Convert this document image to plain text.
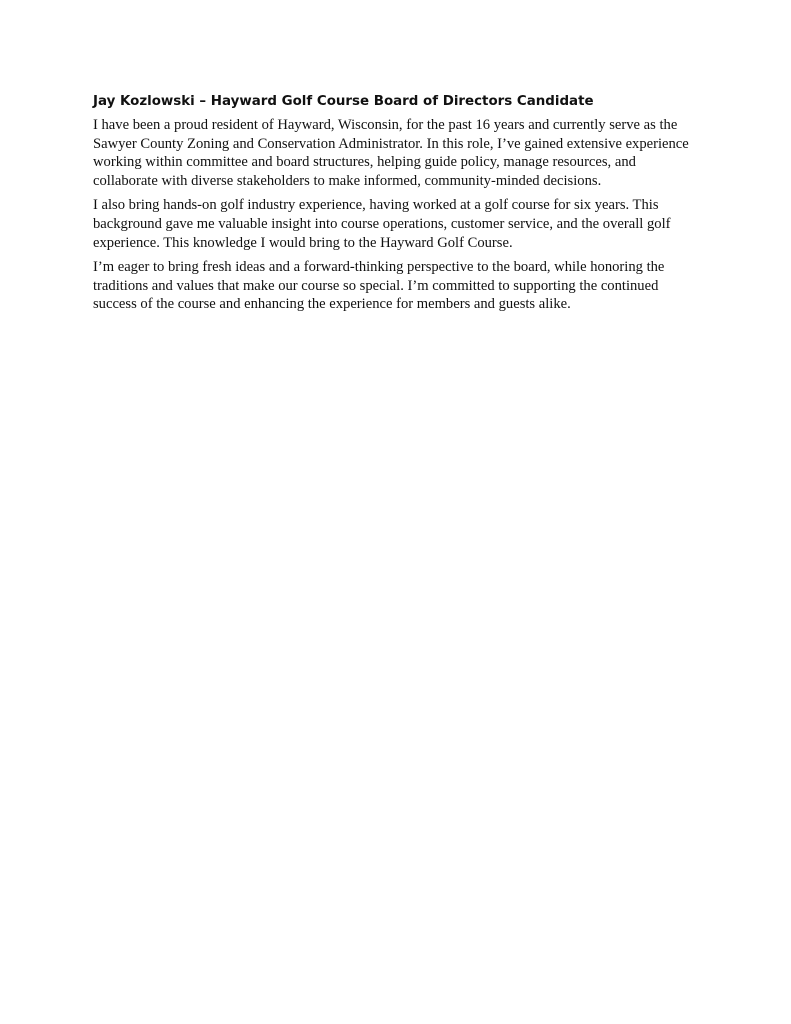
Jay Kozlowski – Hayward Golf Course Board of Directors Candidate

I have been a proud resident of Hayward, Wisconsin, for the past 16 years and currently serve as the Sawyer County Zoning and Conservation Administrator. In this role, I’ve gained extensive experience working within committee and board structures, helping guide policy, manage resources, and collaborate with diverse stakeholders to make informed, community-minded decisions.

I also bring hands-on golf industry experience, having worked at a golf course for six years. This background gave me valuable insight into course operations, customer service, and the overall golf experience. This knowledge I would bring to the Hayward Golf Course.

I’m eager to bring fresh ideas and a forward-thinking perspective to the board, while honoring the traditions and values that make our course so special. I’m committed to supporting the continued success of the course and enhancing the experience for members and guests alike.
